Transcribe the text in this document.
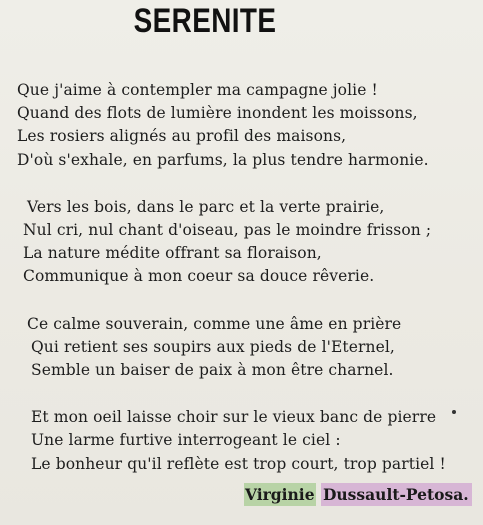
SERENITE
Que j'aime à contempler ma campagne jolie !
Quand des flots de lumière inondent les moissons,
Les rosiers alignés au profil des maisons,
D'où s'exhale, en parfums, la plus tendre harmonie.
Vers les bois, dans le parc et la verte prairie,
Nul cri, nul chant d'oiseau, pas le moindre frisson ;
La nature médite offrant sa floraison,
Communique à mon coeur sa douce rêverie.
Ce calme souverain, comme une âme en prière
Qui retient ses soupirs aux pieds de l'Eternel,
Semble un baiser de paix à mon être charnel.
Et mon oeil laisse choir sur le vieux banc de pierre
Une larme furtive interrogeant le ciel :
Le bonheur qu'il reflète est trop court, trop partiel !
Virginie Dussault-Petosa.
